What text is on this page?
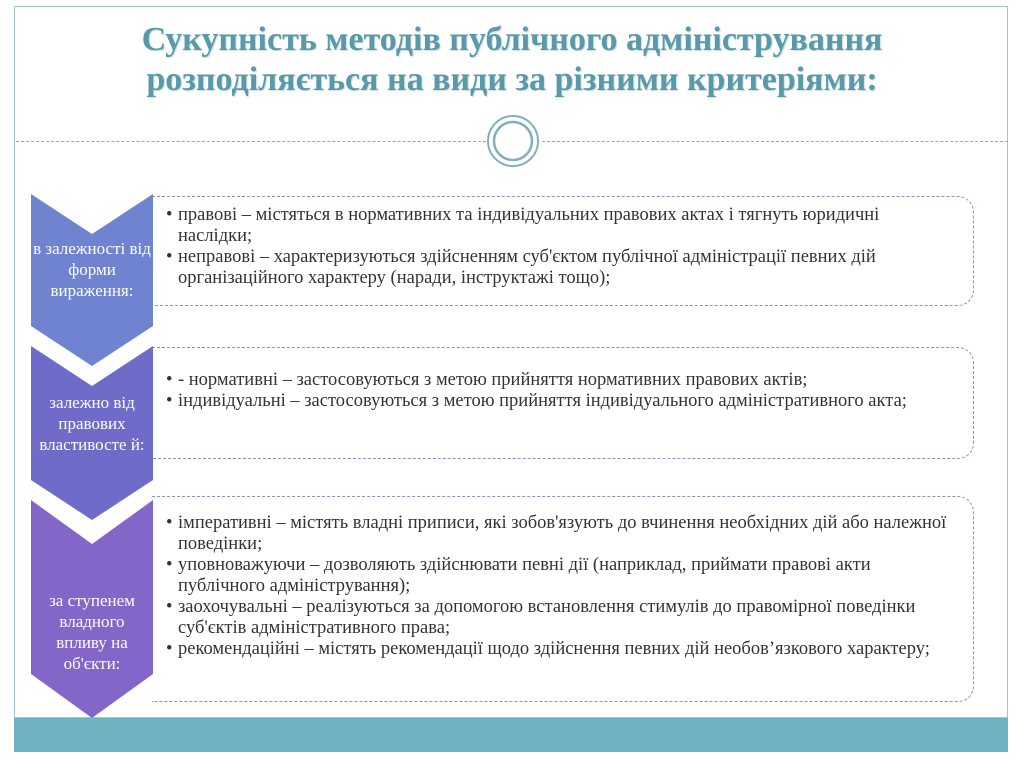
Сукупність методів публічного адміністрування
розподіляється на види за різними критеріями:
• правові – містяться в нормативних та індивідуальних правових актах і тягнуть юридичні наслідки;
• неправові – характеризуються здійсненням суб'єктом публічної адміністрації певних дій організаційного характеру (наради, інструктажі тощо);
в залежності від форми вираження:
• - нормативні – застосовуються з метою прийняття нормативних правових актів;
• індивідуальні – застосовуються з метою прийняття індивідуального адміністративного акта;
залежно від правових властивосте й:
• імперативні – містять владні приписи, які зобов'язують до вчинення необхідних дій або належної поведінки;
• уповноважуючи – дозволяють здійснювати певні дії (наприклад, приймати правові акти публічного адміністрування);
• заохочувальні – реалізуються за допомогою встановлення стимулів до правомірної поведінки суб'єктів адміністративного права;
• рекомендаційні – містять рекомендації щодо здійснення певних дій необов’язкового характеру;
за ступенем владного впливу на об'єкти:
